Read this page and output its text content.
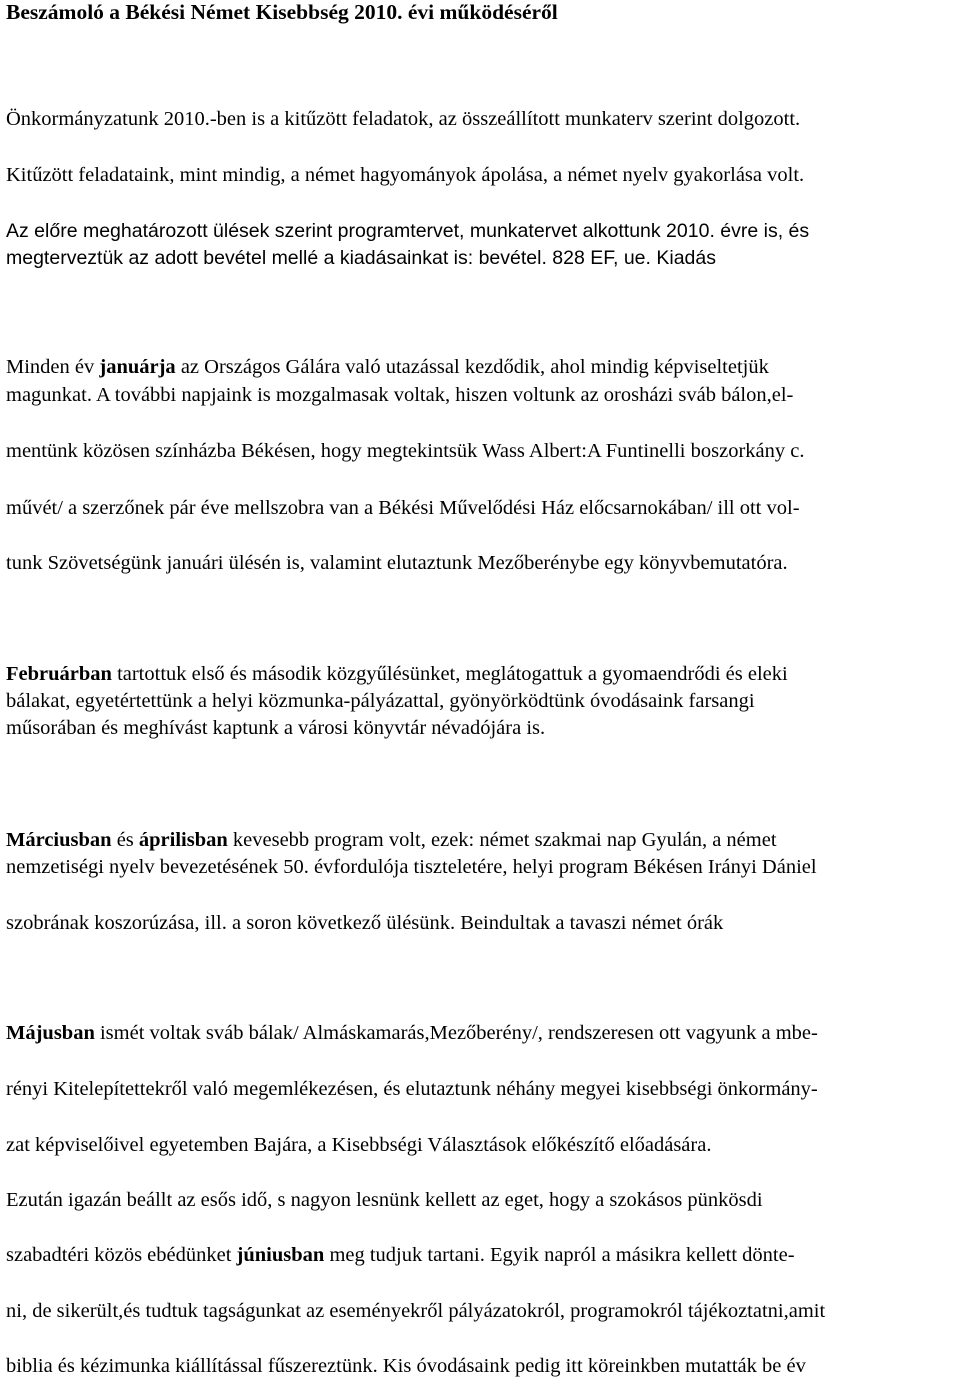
Beszámoló a Békési Német Kisebbség 2010. évi működéséről
Önkormányzatunk 2010.-ben is a kitűzött feladatok, az összeállított munkaterv szerint dolgozott.
Kitűzött feladataink, mint mindig, a német hagyományok ápolása, a német nyelv gyakorlása volt.
Az előre meghatározott ülések szerint programtervet, munkatervet alkottunk 2010. évre is, és
megterveztük az adott bevétel mellé a kiadásainkat is: bevétel. 828 EF, ue. Kiadás
Minden év januárja az Országos Gálára való utazással kezdődik, ahol mindig képviseltetjük
magunkat. A további napjaink is mozgalmasak voltak, hiszen voltunk az orosházi sváb bálon,el-
mentünk közösen színházba Békésen, hogy megtekintsük Wass Albert:A Funtinelli boszorkány c.
művét/ a szerzőnek pár éve mellszobra van a Békési Művelődési Ház előcsarnokában/ ill ott vol-
tunk Szövetségünk januári ülésén is, valamint elutaztunk Mezőberénybe egy könyvbemutatóra.
Februárban tartottuk első és második közgyűlésünket, meglátogattuk a gyomaendrődi és eleki
bálakat, egyetértettünk a helyi közmunka-pályázattal, gyönyörködtünk óvodásaink farsangi
műsorában és meghívást kaptunk a városi könyvtár névadójára is.
Márciusban és áprilisban kevesebb program volt, ezek: német szakmai nap Gyulán, a német
nemzetiségi nyelv bevezetésének 50. évfordulója tiszteletére, helyi program Békésen Irányi Dániel
szobrának koszorúzása, ill. a soron következő ülésünk. Beindultak a tavaszi német órák
Májusban ismét voltak sváb bálak/ Almáskamarás,Mezőberény/, rendszeresen ott vagyunk a mbe-
rényi Kitelepítettekről való megemlékezésen, és elutaztunk néhány megyei kisebbségi önkormány-
zat képviselőivel egyetemben Bajára, a Kisebbségi Választások előkészítő előadására.
Ezután igazán beállt az esős idő, s nagyon lesnünk kellett az eget, hogy a szokásos pünkösdi
szabadtéri közös ebédünket júniusban meg tudjuk tartani. Egyik napról a másikra kellett dönte-
ni, de sikerült,és tudtuk tagságunkat az eseményekről pályázatokról, programokról tájékoztatni,amit
biblia és kézimunka kiállítással fűszereztünk. Kis óvodásaink pedig itt köreinkben mutatták be év
